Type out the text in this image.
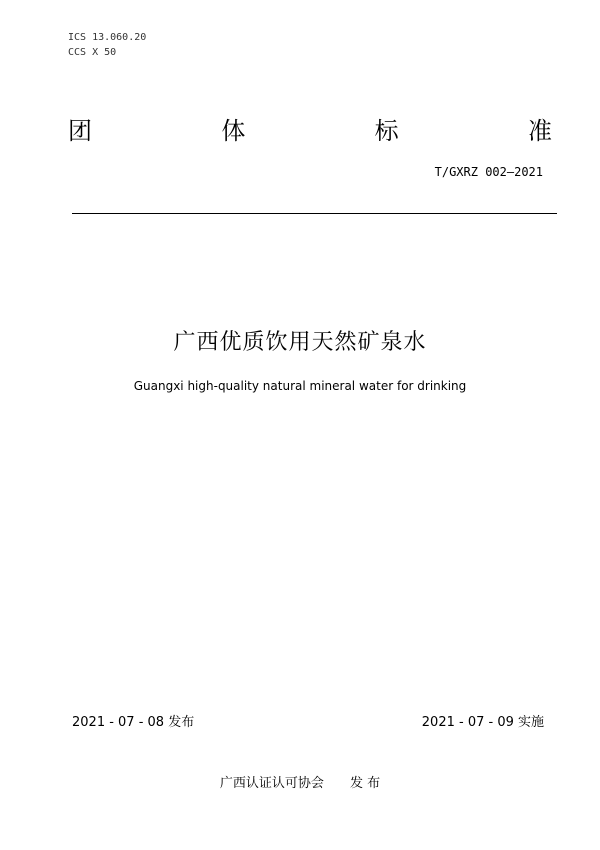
ICS 13.060.20
CCS X 50
团	体	标	准
T/GXRZ 002—2021
广西优质饮用天然矿泉水
Guangxi high-quality natural mineral water for drinking
2021 - 07 - 08 发布	2021 - 07 - 09 实施
广西认证认可协会 发 布
